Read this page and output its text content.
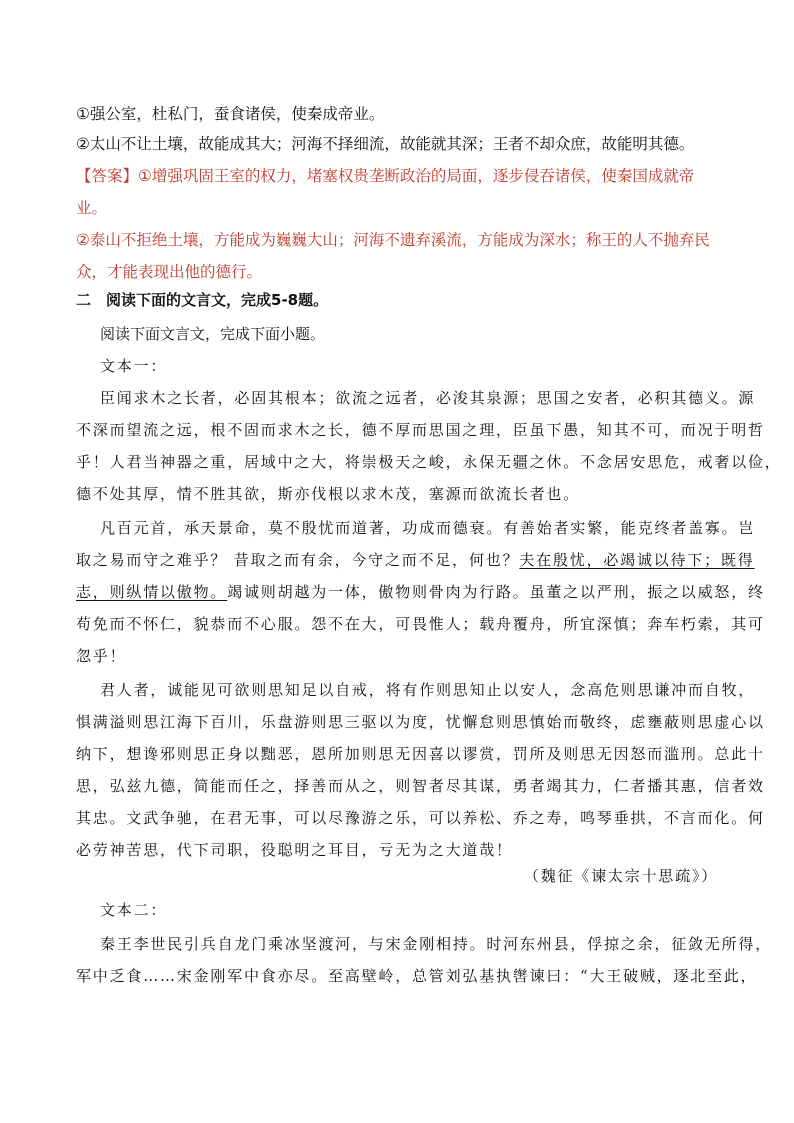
①强公室，杜私门，蚕食诸侯，使秦成帝业。
②太山不让土壤，故能成其大；河海不择细流，故能就其深；王者不却众庶，故能明其德。
【答案】①增强巩固王室的权力，堵塞权贵垄断政治的局面，逐步侵吞诸侯，使秦国成就帝
业。
②泰山不拒绝土壤，方能成为巍巍大山；河海不遗弃溪流，方能成为深水；称王的人不抛弃民
众，才能表现出他的德行。
二　阅读下面的文言文，完成5-8题。
阅读下面文言文，完成下面小题。
文本一：
臣闻求木之长者，必固其根本；欲流之远者，必浚其泉源；思国之安者，必积其德义。源
不深而望流之远，根不固而求木之长，德不厚而思国之理，臣虽下愚，知其不可，而况于明哲
乎！人君当神器之重，居域中之大，将崇极天之峻，永保无疆之休。不念居安思危，戒奢以俭，
德不处其厚，情不胜其欲，斯亦伐根以求木茂，塞源而欲流长者也。
凡百元首，承天景命，莫不殷忧而道著，功成而德衰。有善始者实繁，能克终者盖寡。岂
取之易而守之难乎？ 昔取之而有余，今守之而不足，何也？夫在殷忧，必竭诚以待下；既得
志，则纵情以傲物。竭诚则胡越为一体，傲物则骨肉为行路。虽董之以严刑，振之以威怒，终
苟免而不怀仁，貌恭而不心服。怨不在大，可畏惟人；载舟覆舟，所宜深慎；奔车朽索，其可
忽乎！
君人者，诚能见可欲则思知足以自戒，将有作则思知止以安人，念高危则思谦冲而自牧，
惧满溢则思江海下百川，乐盘游则思三驱以为度，忧懈怠则思慎始而敬终，虑壅蔽则思虚心以
纳下，想谗邪则思正身以黜恶，恩所加则思无因喜以谬赏，罚所及则思无因怒而滥刑。总此十
思，弘兹九德，简能而任之，择善而从之，则智者尽其谋，勇者竭其力，仁者播其惠，信者效
其忠。文武争驰，在君无事，可以尽豫游之乐，可以养松、乔之寿，鸣琴垂拱，不言而化。何
必劳神苦思，代下司职，役聪明之耳目，亏无为之大道哉！
（魏征《谏太宗十思疏》）
文本二：
秦王李世民引兵自龙门乘冰坚渡河，与宋金刚相持。时河东州县，俘掠之余，征敛无所得，
军中乏食……宋金刚军中食亦尽。至高壁岭，总管刘弘基执辔谏曰：“大王破贼，逐北至此，
